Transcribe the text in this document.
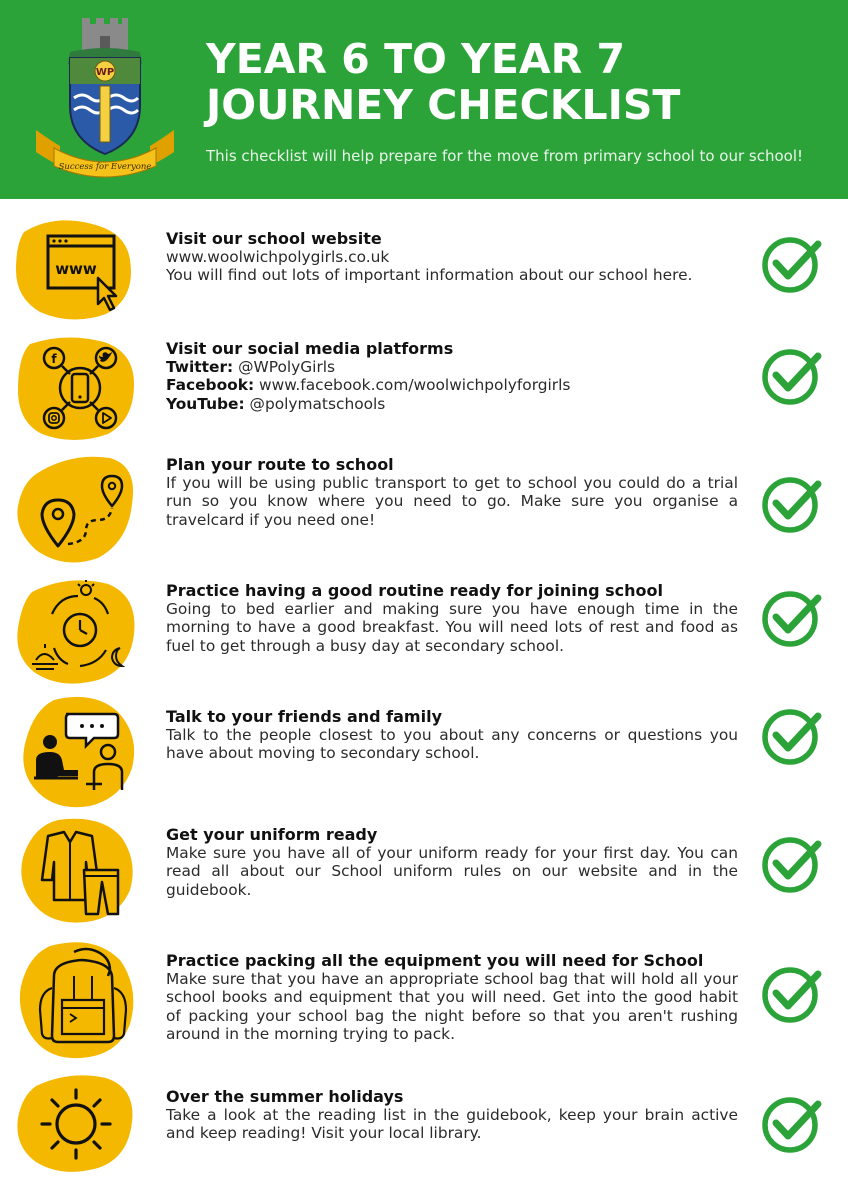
WP
Success for Everyone
YEAR 6 TO YEAR 7
JOURNEY CHECKLIST

This checklist will help prepare for the move from primary school to our school!

www
Visit our school website
www.woolwichpolygirls.co.uk
You will find out lots of important information about our school here.
f
Visit our social media platforms
Twitter: @WPolyGirls
Facebook: www.facebook.com/woolwichpolyforgirls
YouTube: @polymatschools
Plan your route to school
If you will be using public transport to get to school you could do a trial run so you know where you need to go. Make sure you organise a travelcard if you need one!
Practice having a good routine ready for joining school
Going to bed earlier and making sure you have enough time in the morning to have a good breakfast. You will need lots of rest and food as fuel to get through a busy day at secondary school.
Talk to your friends and family
Talk to the people closest to you about any concerns or questions you have about moving to secondary school.
Get your uniform ready
Make sure you have all of your uniform ready for your first day. You can read all about our School uniform rules on our website and in the guidebook.
Practice packing all the equipment you will need for School
Make sure that you have an appropriate school bag that will hold all your school books and equipment that you will need. Get into the good habit of packing your school bag the night before so that you aren't rushing around in the morning trying to pack.
Over the summer holidays
Take a look at the reading list in the guidebook, keep your brain active and keep reading! Visit your local library.
